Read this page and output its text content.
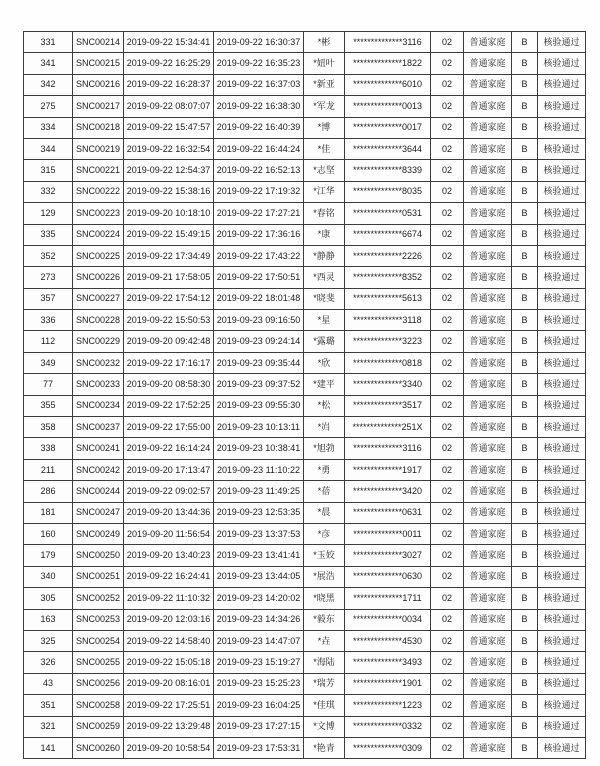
331	SNC00214	2019-09-22 15:34:41	2019-09-22 16:30:37	*彬	**************3116	02	普通家庭	B	核验通过
341	SNC00215	2019-09-22 16:25:29	2019-09-22 16:35:23	*妞叶	**************1822	02	普通家庭	B	核验通过
342	SNC00216	2019-09-22 16:28:37	2019-09-22 16:37:03	*新亚	**************6010	02	普通家庭	B	核验通过
275	SNC00217	2019-09-22 08:07:07	2019-09-22 16:38:30	*军龙	**************0013	02	普通家庭	B	核验通过
334	SNC00218	2019-09-22 15:47:57	2019-09-22 16:40:39	*博	**************0017	02	普通家庭	B	核验通过
344	SNC00219	2019-09-22 16:32:54	2019-09-22 16:44:24	*佳	**************3644	02	普通家庭	B	核验通过
315	SNC00221	2019-09-22 12:54:37	2019-09-22 16:52:13	*志坚	**************8339	02	普通家庭	B	核验通过
332	SNC00222	2019-09-22 15:38:16	2019-09-22 17:19:32	*江华	**************8035	02	普通家庭	B	核验通过
129	SNC00223	2019-09-20 10:18:10	2019-09-22 17:27:21	*春铭	**************0531	02	普通家庭	B	核验通过
335	SNC00224	2019-09-22 15:49:15	2019-09-22 17:36:16	*康	**************6674	02	普通家庭	B	核验通过
352	SNC00225	2019-09-22 17:34:49	2019-09-22 17:43:22	*静静	**************2226	02	普通家庭	B	核验通过
273	SNC00226	2019-09-21 17:58:05	2019-09-22 17:50:51	*西灵	**************8352	02	普通家庭	B	核验通过
357	SNC00227	2019-09-22 17:54:12	2019-09-22 18:01:48	*晓斐	**************5613	02	普通家庭	B	核验通过
336	SNC00228	2019-09-22 15:50:53	2019-09-23 09:16:50	*星	**************3118	02	普通家庭	B	核验通过
112	SNC00229	2019-09-20 09:42:48	2019-09-23 09:24:14	*露璐	**************3223	02	普通家庭	B	核验通过
349	SNC00232	2019-09-22 17:16:17	2019-09-23 09:35:44	*欣	**************0818	02	普通家庭	B	核验通过
77	SNC00233	2019-09-20 08:58:30	2019-09-23 09:37:52	*建平	**************3340	02	普通家庭	B	核验通过
355	SNC00234	2019-09-22 17:52:25	2019-09-23 09:55:30	*松	**************3517	02	普通家庭	B	核验通过
358	SNC00237	2019-09-22 17:55:00	2019-09-23 10:13:11	*岿	**************251X	02	普通家庭	B	核验通过
338	SNC00241	2019-09-22 16:14:24	2019-09-23 10:38:41	*旭勃	**************3116	02	普通家庭	B	核验通过
211	SNC00242	2019-09-20 17:13:47	2019-09-23 11:10:22	*勇	**************1917	02	普通家庭	B	核验通过
286	SNC00244	2019-09-22 09:02:57	2019-09-23 11:49:25	*蓓	**************3420	02	普通家庭	B	核验通过
181	SNC00247	2019-09-20 13:44:36	2019-09-23 12:53:35	*晨	**************0631	02	普通家庭	B	核验通过
160	SNC00249	2019-09-20 11:56:54	2019-09-23 13:37:53	*彦	**************0011	02	普通家庭	B	核验通过
179	SNC00250	2019-09-20 13:40:23	2019-09-23 13:41:41	*玉姣	**************3027	02	普通家庭	B	核验通过
340	SNC00251	2019-09-22 16:24:41	2019-09-23 13:44:05	*展浩	**************0630	02	普通家庭	B	核验通过
305	SNC00252	2019-09-22 11:10:32	2019-09-23 14:20:02	*晓黑	**************1711	02	普通家庭	B	核验通过
163	SNC00253	2019-09-20 12:03:16	2019-09-23 14:34:26	*毅东	**************0034	02	普通家庭	B	核验通过
325	SNC00254	2019-09-22 14:58:40	2019-09-23 14:47:07	*垚	**************4530	02	普通家庭	B	核验通过
326	SNC00255	2019-09-22 15:05:18	2019-09-23 15:19:27	*海陆	**************3493	02	普通家庭	B	核验通过
43	SNC00256	2019-09-20 08:16:01	2019-09-23 15:25:23	*瑞芳	**************1901	02	普通家庭	B	核验通过
351	SNC00258	2019-09-22 17:25:51	2019-09-23 16:04:25	*佳琪	**************1223	02	普通家庭	B	核验通过
321	SNC00259	2019-09-22 13:29:48	2019-09-23 17:27:15	*文博	**************0332	02	普通家庭	B	核验通过
141	SNC00260	2019-09-20 10:58:54	2019-09-23 17:53:31	*艳青	**************0309	02	普通家庭	B	核验通过
